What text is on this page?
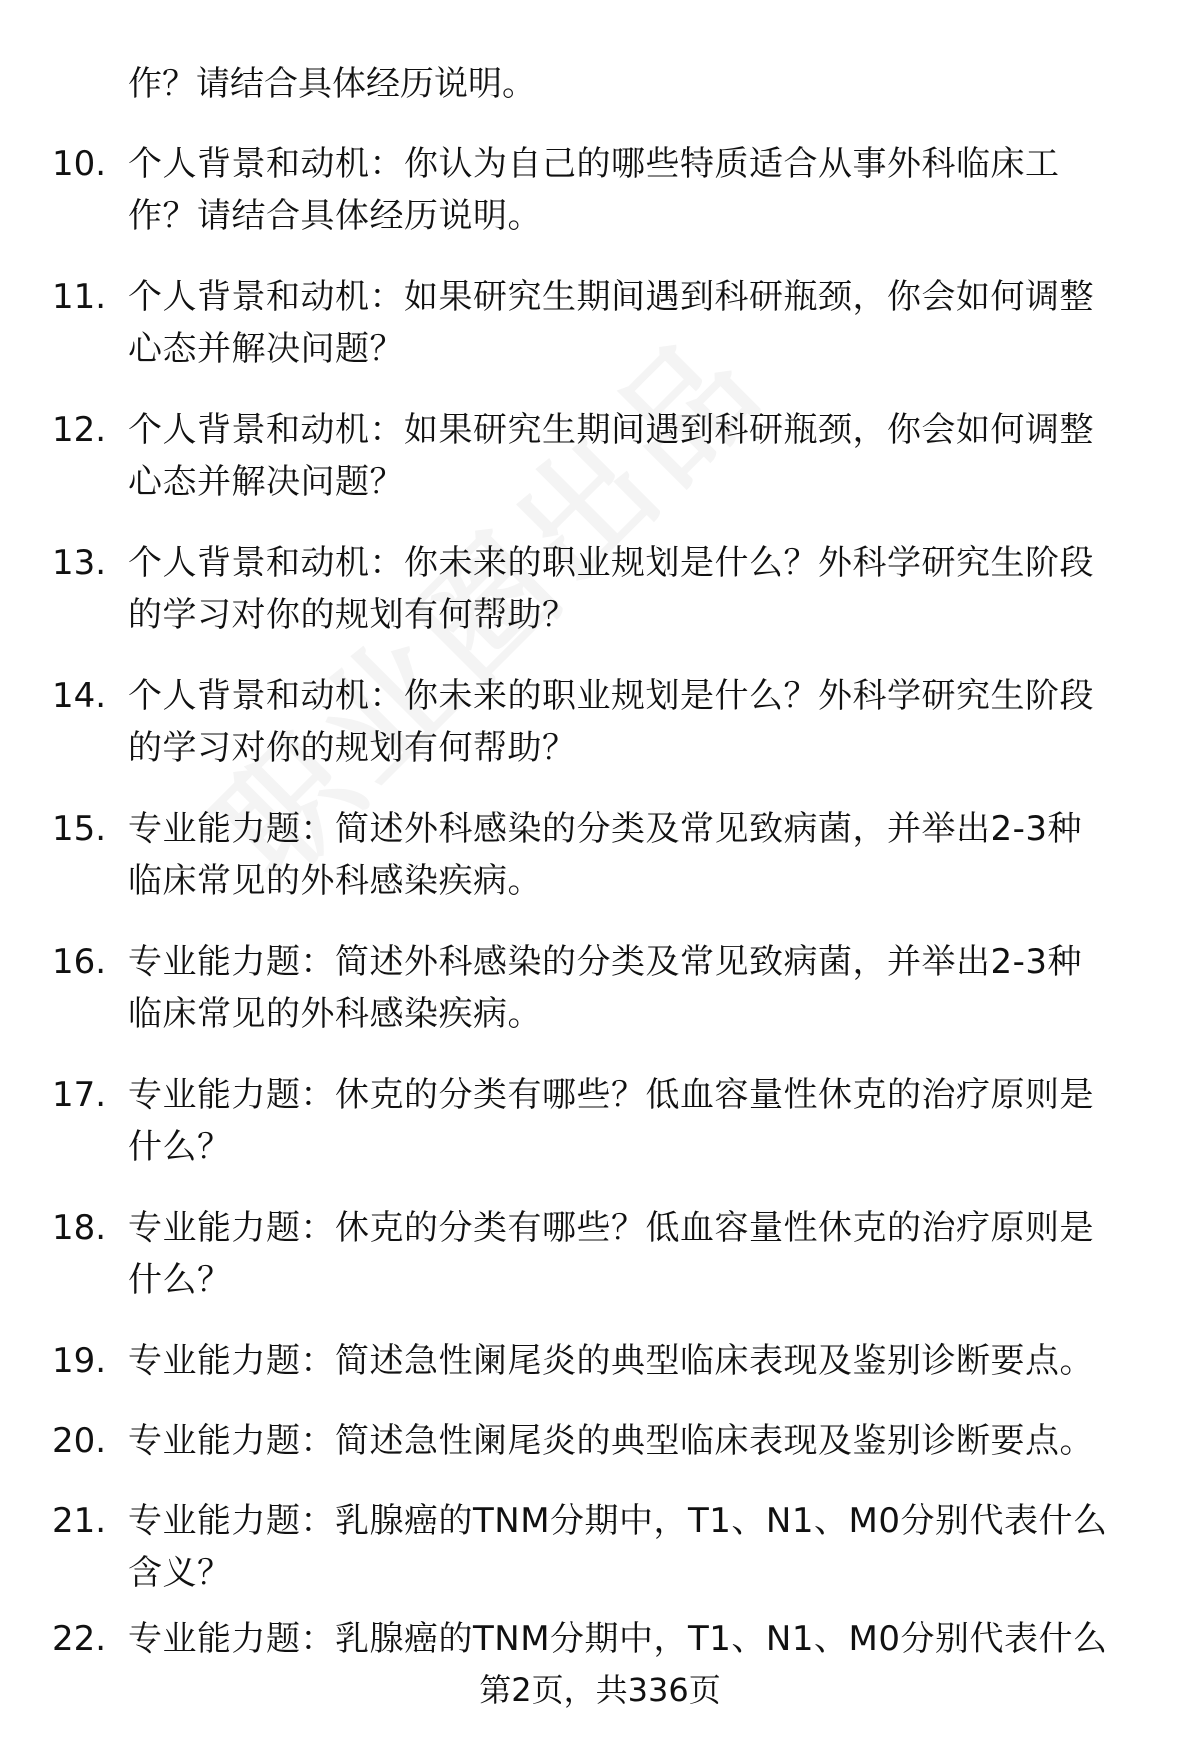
作？请结合具体经历说明。
10. 个人背景和动机：你认为自己的哪些特质适合从事外科临床工
作？请结合具体经历说明。
11. 个人背景和动机：如果研究生期间遇到科研瓶颈，你会如何调整
心态并解决问题？
12. 个人背景和动机：如果研究生期间遇到科研瓶颈，你会如何调整
心态并解决问题？
13. 个人背景和动机：你未来的职业规划是什么？外科学研究生阶段
的学习对你的规划有何帮助？
14. 个人背景和动机：你未来的职业规划是什么？外科学研究生阶段
的学习对你的规划有何帮助？
15. 专业能力题：简述外科感染的分类及常见致病菌，并举出2-3种
临床常见的外科感染疾病。
16. 专业能力题：简述外科感染的分类及常见致病菌，并举出2-3种
临床常见的外科感染疾病。
17. 专业能力题：休克的分类有哪些？低血容量性休克的治疗原则是
什么？
18. 专业能力题：休克的分类有哪些？低血容量性休克的治疗原则是
什么？
19. 专业能力题：简述急性阑尾炎的典型临床表现及鉴别诊断要点。
20. 专业能力题：简述急性阑尾炎的典型临床表现及鉴别诊断要点。
21. 专业能力题：乳腺癌的TNM分期中，T1、N1、M0分别代表什么
含义？
22. 专业能力题：乳腺癌的TNM分期中，T1、N1、M0分别代表什么
第2页，共336页
